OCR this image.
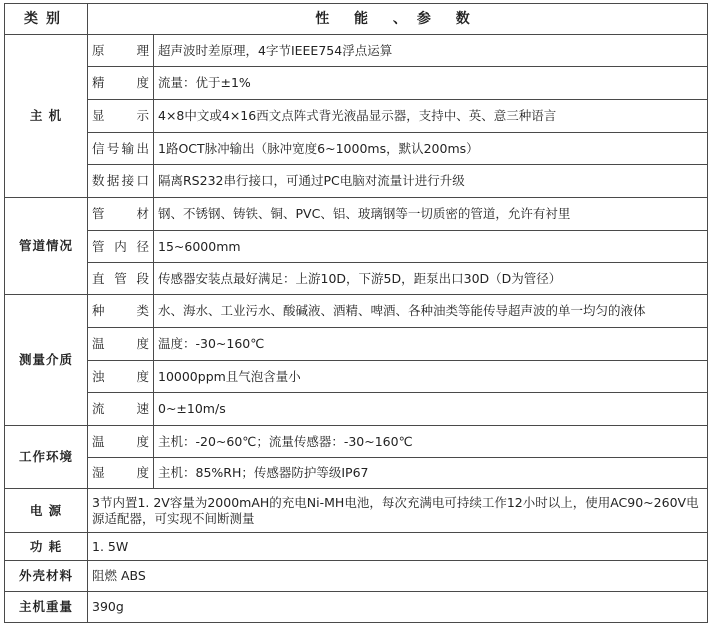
类别	性 能 、参 数	
主 机	原 理	超声波时差原理，4字节IEEE754浮点运算
	精 度	流量：优于±1%
	显 示	4×8中文或4×16西文点阵式背光液晶显示器，支持中、英、意三种语言
	信号输出	1路OCT脉冲输出（脉冲宽度6~1000ms，默认200ms）
	数据接口	隔离RS232串行接口，可通过PC电脑对流量计进行升级
管道情况	管 材	钢、不锈钢、铸铁、铜、PVC、铝、玻璃钢等一切质密的管道，允许有衬里
	管内径	15~6000mm
	直管段	传感器安装点最好满足：上游10D，下游5D，距泵出口30D（D为管径）
测量介质	种 类	水、海水、工业污水、酸碱液、酒精、啤酒、各种油类等能传导超声波的单一均匀的液体
	温 度	温度：-30~160℃
	浊 度	10000ppm且气泡含量小
	流 速	0~±10m/s
工作环境	温 度	主机：-20~60℃；流量传感器：-30~160℃
	湿 度	主机：85%RH；传感器防护等级IP67
电 源	3节内置1. 2V容量为2000mAH的充电Ni-MH电池，每次充满电可持续工作12小时以上，使用AC90~260V电源适配器，可实现不间断测量	
功 耗	1. 5W	
外壳材料	阻燃 ABS	
主机重量	390g	
